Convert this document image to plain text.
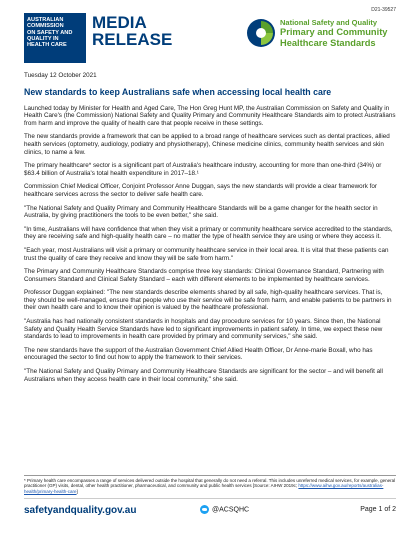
D21-39527
AUSTRALIAN
COMMISSION
ON SAFETY AND
QUALITY IN
HEALTH CARE
MEDIA
RELEASE
National Safety and Quality
Primary and Community
Healthcare Standards

Tuesday 12 October 2021

New standards to keep Australians safe when accessing local health care

Launched today by Minister for Health and Aged Care, The Hon Greg Hunt MP, the Australian Commission on Safety and Quality in Health Care's (the Commission) National Safety and Quality Primary and Community Healthcare Standards aim to protect Australians from harm and improve the quality of health care that people receive in these settings.

The new standards provide a framework that can be applied to a broad range of healthcare services such as dental practices, allied health services (optometry, audiology, podiatry and physiotherapy), Chinese medicine clinics, community health services and skin clinics, to name a few.

The primary healthcare* sector is a significant part of Australia's healthcare industry, accounting for more than one-third (34%) or $63.4 billion of Australia's total health expenditure in 2017–18.¹

Commission Chief Medical Officer, Conjoint Professor Anne Duggan, says the new standards will provide a clear framework for healthcare services across the sector to deliver safe health care.

"The National Safety and Quality Primary and Community Healthcare Standards will be a game changer for the health sector in Australia, by giving practitioners the tools to be even better," she said.

"In time, Australians will have confidence that when they visit a primary or community healthcare service accredited to the standards, they are receiving safe and high-quality health care – no matter the type of health service they are using or where they access it.

"Each year, most Australians will visit a primary or community healthcare service in their local area. It is vital that these patients can trust the quality of care they receive and know they will be safe from harm."

The Primary and Community Healthcare Standards comprise three key standards: Clinical Governance Standard, Partnering with Consumers Standard and Clinical Safety Standard – each with different elements to be implemented by healthcare services.

Professor Duggan explained: "The new standards describe elements shared by all safe, high-quality healthcare services. That is, they should be well-managed, ensure that people who use their service will be safe from harm, and enable patients to be partners in their own health care and to know their opinion is valued by the healthcare professional.

"Australia has had nationally consistent standards in hospitals and day procedure services for 10 years. Since then, the National Safety and Quality Health Service Standards have led to significant improvements in patient safety. In time, we expect these new standards to lead to improvements in health care provided by primary and community services," she said.

The new standards have the support of the Australian Government Chief Allied Health Officer, Dr Anne-marie Boxall, who has encouraged the sector to find out how to apply the framework to their services.

"The National Safety and Quality Primary and Community Healthcare Standards are significant for the sector – and will benefit all Australians when they access health care in their local community," she said.

* Primary health care encompasses a range of services delivered outside the hospital that generally do not need a referral. This includes unreferred medical services, for example, general practitioner (GP) visits, dental, other health practitioner, pharmaceutical, and community and public health services [Source: AIHW 2019c; https://www.aihw.gov.au/reports/australias-health/primary-health-care]
safetyandquality.gov.au	@ACSQHC	Page 1 of 2
